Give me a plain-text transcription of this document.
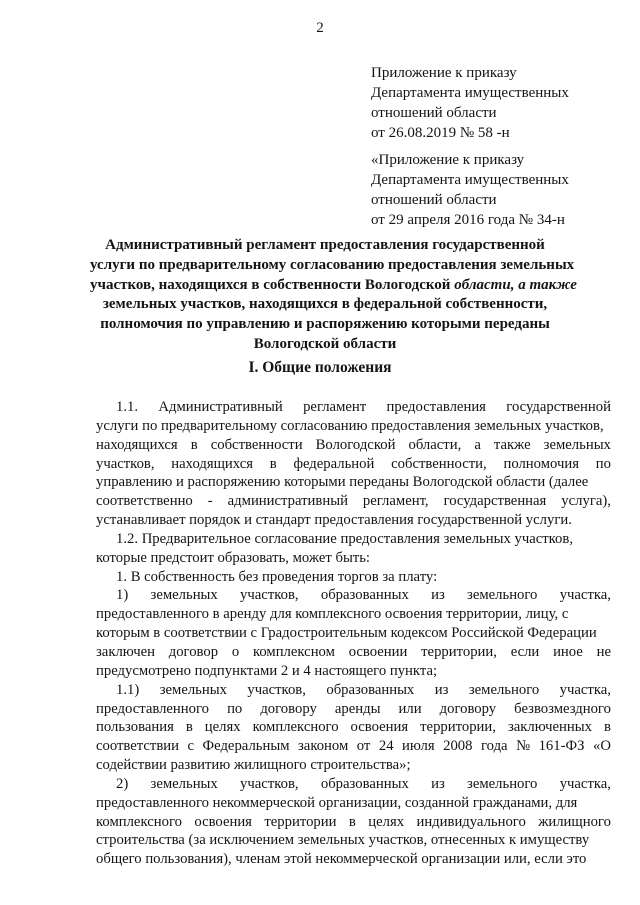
2
Приложение к приказу
Департамента имущественных
отношений области
от 26.08.2019 № 58 -н
«Приложение к приказу
Департамента имущественных
отношений области
от 29 апреля 2016 года № 34-н
Административный регламент предоставления государственной
услуги по предварительному согласованию предоставления земельных
участков, находящихся в собственности Вологодской области, а также
земельных участков, находящихся в федеральной собственности,
полномочия по управлению и распоряжению которыми переданы
Вологодской области
I. Общие положения
1.1. Административный регламент предоставления государственной
услуги по предварительному согласованию предоставления земельных участков,
находящихся в собственности Вологодской области, а также земельных
участков, находящихся в федеральной собственности, полномочия по
управлению и распоряжению которыми переданы Вологодской области (далее
соответственно - административный регламент, государственная услуга),
устанавливает порядок и стандарт предоставления государственной услуги.
1.2. Предварительное согласование предоставления земельных участков,
которые предстоит образовать, может быть:
1. В собственность без проведения торгов за плату:
1) земельных участков, образованных из земельного участка,
предоставленного в аренду для комплексного освоения территории, лицу, с
которым в соответствии с Градостроительным кодексом Российской Федерации
заключен договор о комплексном освоении территории, если иное не
предусмотрено подпунктами 2 и 4 настоящего пункта;
1.1) земельных участков, образованных из земельного участка,
предоставленного по договору аренды или договору безвозмездного
пользования в целях комплексного освоения территории, заключенных в
соответствии с Федеральным законом от 24 июля 2008 года № 161-ФЗ «О
содействии развитию жилищного строительства»;
2) земельных участков, образованных из земельного участка,
предоставленного некоммерческой организации, созданной гражданами, для
комплексного освоения территории в целях индивидуального жилищного
строительства (за исключением земельных участков, отнесенных к имуществу
общего пользования), членам этой некоммерческой организации или, если это
